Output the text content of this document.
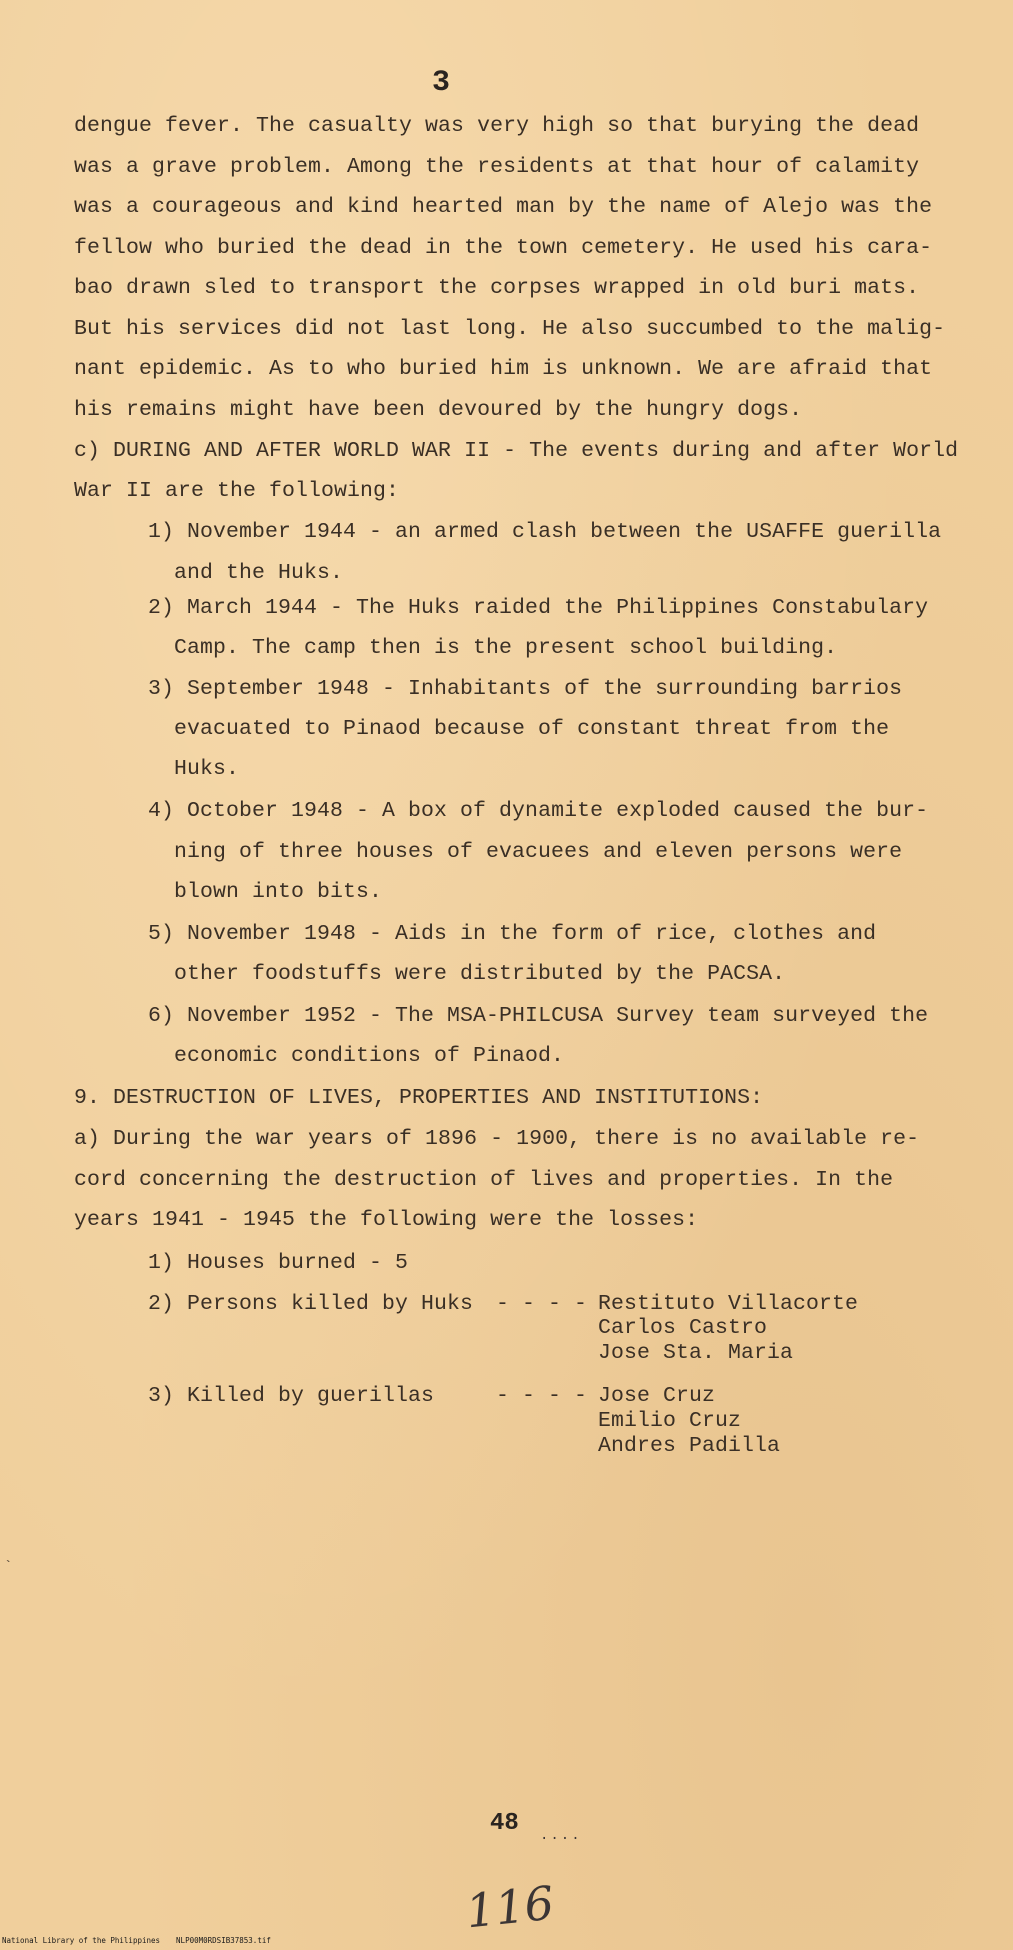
3
dengue fever. The casualty was very high so that burying the dead
was a grave problem. Among the residents at that hour of calamity
was a courageous and kind hearted man by the name of Alejo was the
fellow who buried the dead in the town cemetery. He used his cara-
bao drawn sled to transport the corpses wrapped in old buri mats.
But his services did not last long. He also succumbed to the malig-
nant epidemic. As to who buried him is unknown. We are afraid that
his remains might have been devoured by the hungry dogs.
c) DURING AND AFTER WORLD WAR II - The events during and after World
War II are the following:
1) November 1944 - an armed clash between the USAFFE guerilla
and the Huks.
2) March 1944 - The Huks raided the Philippines Constabulary
Camp. The camp then is the present school building.
3) September 1948 - Inhabitants of the surrounding barrios
evacuated to Pinaod because of constant threat from the
Huks.
4) October 1948 - A box of dynamite exploded caused the bur-
ning of three houses of evacuees and eleven persons were
blown into bits.
5) November 1948 - Aids in the form of rice, clothes and
other foodstuffs were distributed by the PACSA.
6) November 1952 - The MSA-PHILCUSA Survey team surveyed the
economic conditions of Pinaod.
9. DESTRUCTION OF LIVES, PROPERTIES AND INSTITUTIONS:
a) During the war years of 1896 - 1900, there is no available re-
cord concerning the destruction of lives and properties. In the
years 1941 - 1945 the following were the losses:
1) Houses burned - 5
2) Persons killed by Huks - - - - Restituto Villacorte
Carlos Castro
Jose Sta. Maria
3) Killed by guerillas	- - - - Jose Cruz
Emilio Cruz
Andres Padilla
`
48 ....
116
National Library of the Philippines NLP00M0RDSIB37853.tif
